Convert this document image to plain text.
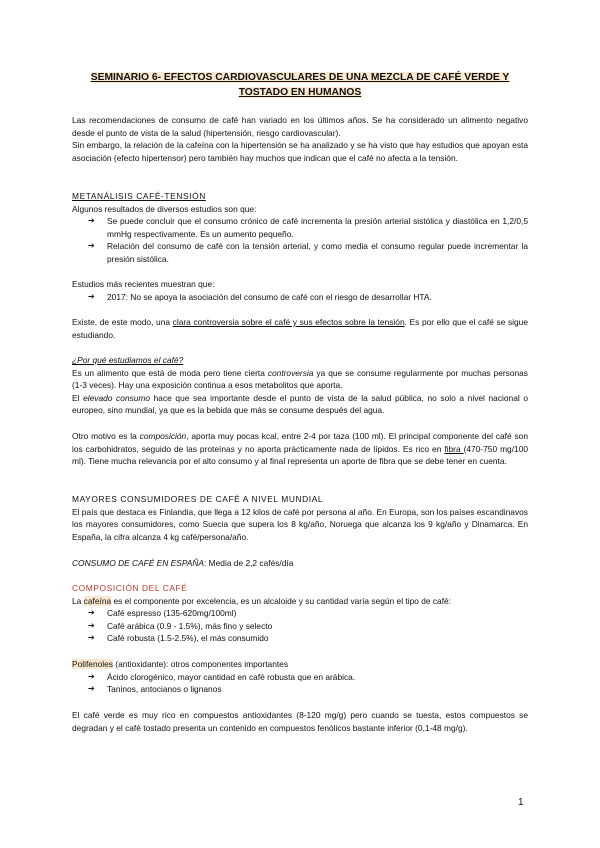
SEMINARIO 6- EFECTOS CARDIOVASCULARES DE UNA MEZCLA DE CAFÉ VERDE Y
TOSTADO EN HUMANOS

Las recomendaciones de consumo de café han variado en los últimos años. Se ha considerado un alimento negativo desde el punto de vista de la salud (hipertensión, riesgo cardiovascular).

Sin embargo, la relación de la cafeína con la hipertensión se ha analizado y se ha visto que hay estudios que apoyan esta asociación (efecto hipertensor) pero también hay muchos que indican que el café no afecta a la tensión.

METANÁLISIS CAFÉ-TENSIÓN

Algunos resultados de diversos estudios son que:

➔ Se puede concluir que el consumo crónico de café incrementa la presión arterial sistólica y diastólica en 1,2/0,5 mmHg respectivamente. Es un aumento pequeño.
➔ Relación del consumo de café con la tensión arterial, y como media el consumo regular puede incrementar la presión sistólica.

Estudios más recientes muestran que:

➔ 2017: No se apoya la asociación del consumo de café con el riesgo de desarrollar HTA.

Existe, de este modo, una clara controversia sobre el café y sus efectos sobre la tensión. Es por ello que el café se sigue estudiando.

¿Por qué estudiamos el café?

Es un alimento que está de moda pero tiene cierta controversia ya que se consume regularmente por muchas personas (1-3 veces). Hay una exposición continua a esos metabolitos que aporta.

El elevado consumo hace que sea importante desde el punto de vista de la salud pública, no solo a nivel nacional o europeo, sino mundial, ya que es la bebida que más se consume después del agua.

Otro motivo es la composición, aporta muy pocas kcal, entre 2-4 por taza (100 ml). El principal componente del café son los carbohidratos, seguido de las proteínas y no aporta prácticamente nada de lípidos. Es rico en fibra (470-750 mg/100 ml). Tiene mucha relevancia por el alto consumo y al final representa un aporte de fibra que se debe tener en cuenta.

MAYORES CONSUMIDORES DE CAFÉ A NIVEL MUNDIAL

El país que destaca es Finlandia, que llega a 12 kilos de café por persona al año. En Europa, son los países escandinavos los mayores consumidores, como Suecia que supera los 8 kg/año, Noruega que alcanza los 9 kg/año y Dinamarca. En España, la cifra alcanza 4 kg café/persona/año.

CONSUMO DE CAFÉ EN ESPAÑA: Media de 2,2 cafés/día

COMPOSICIÓN DEL CAFÉ

La cafeína es el componente por excelencia, es un alcaloide y su cantidad varía según el tipo de café:

➔ Café espresso (135-620mg/100ml)
➔ Café arábica (0.9 - 1.5%), más fino y selecto
➔ Café robusta (1.5-2.5%), el más consumido

Polifenoles (antioxidante): otros componentes importantes

➔ Ácido clorogénico, mayor cantidad en café robusta que en arábica.
➔ Taninos, antocianos o lignanos

El café verde es muy rico en compuestos antioxidantes (8-120 mg/g) pero cuando se tuesta, estos compuestos se degradan y el café tostado presenta un contenido en compuestos fenólicos bastante inferior (0,1-48 mg/g).

1
